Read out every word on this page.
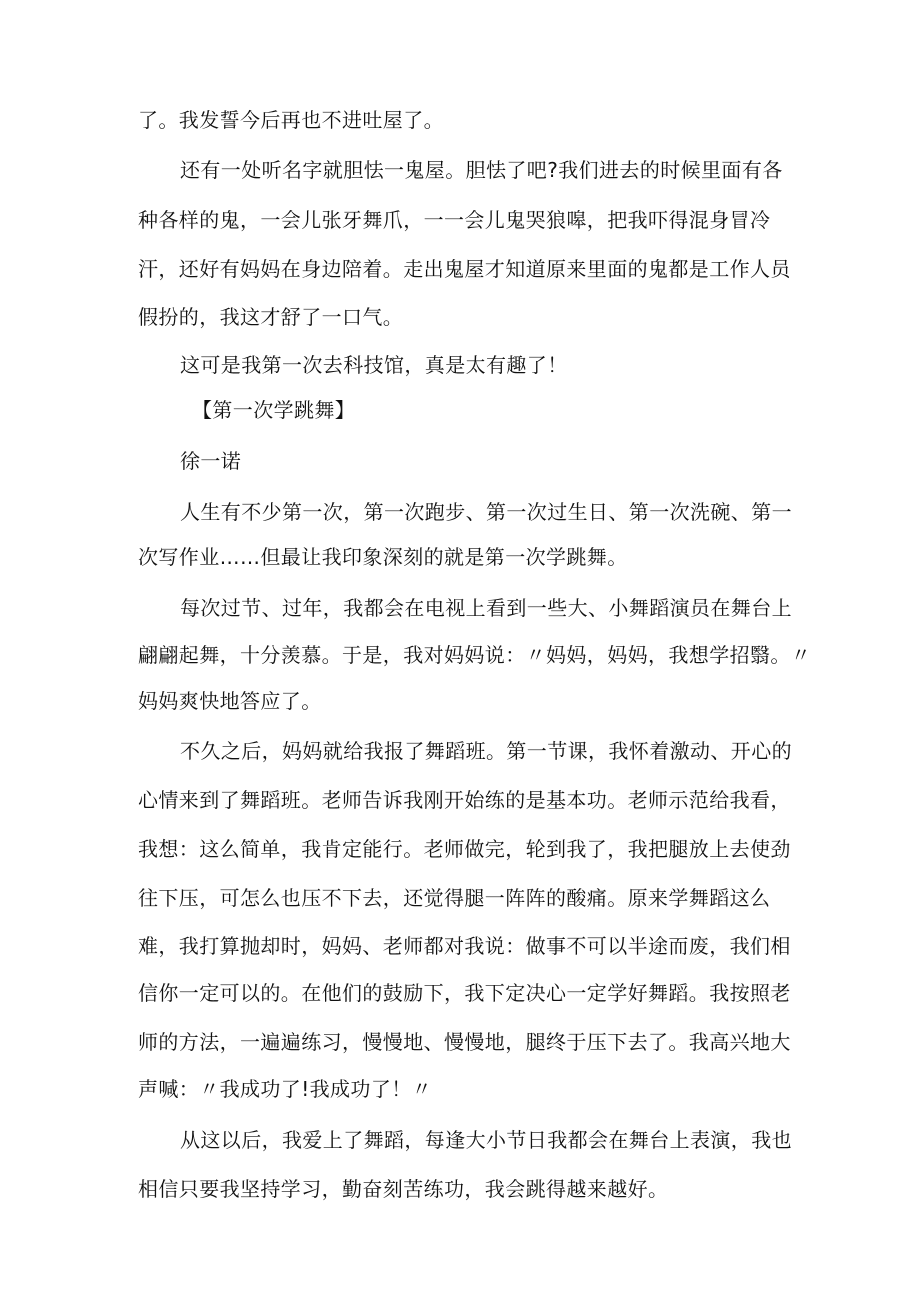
了。我发誓今后再也不进吐屋了。
还有一处听名字就胆怯一鬼屋。胆怯了吧?我们进去的时候里面有各
种各样的鬼，一会儿张牙舞爪，一一会儿鬼哭狼嗥，把我吓得混身冒冷
汗，还好有妈妈在身边陪着。走出鬼屋才知道原来里面的鬼都是工作人员
假扮的，我这才舒了一口气。
这可是我第一次去科技馆，真是太有趣了！
【第一次学跳舞】
徐一诺
人生有不少第一次，第一次跑步、第一次过生日、第一次洗碗、第一
次写作业……但最让我印象深刻的就是第一次学跳舞。
每次过节、过年，我都会在电视上看到一些大、小舞蹈演员在舞台上
翩翩起舞，十分羡慕。于是，我对妈妈说：〃妈妈，妈妈，我想学招翳。〃
妈妈爽快地答应了。
不久之后，妈妈就给我报了舞蹈班。第一节课，我怀着激动、开心的
心情来到了舞蹈班。老师告诉我刚开始练的是基本功。老师示范给我看，
我想：这么简单，我肯定能行。老师做完，轮到我了，我把腿放上去使劲
往下压，可怎么也压不下去，还觉得腿一阵阵的酸痛。原来学舞蹈这么
难，我打算抛却时，妈妈、老师都对我说：做事不可以半途而废，我们相
信你一定可以的。在他们的鼓励下，我下定决心一定学好舞蹈。我按照老
师的方法，一遍遍练习，慢慢地、慢慢地，腿终于压下去了。我高兴地大
声喊：〃我成功了!我成功了！〃
从这以后，我爱上了舞蹈，每逢大小节日我都会在舞台上表演，我也
相信只要我坚持学习，勤奋刻苦练功，我会跳得越来越好。
